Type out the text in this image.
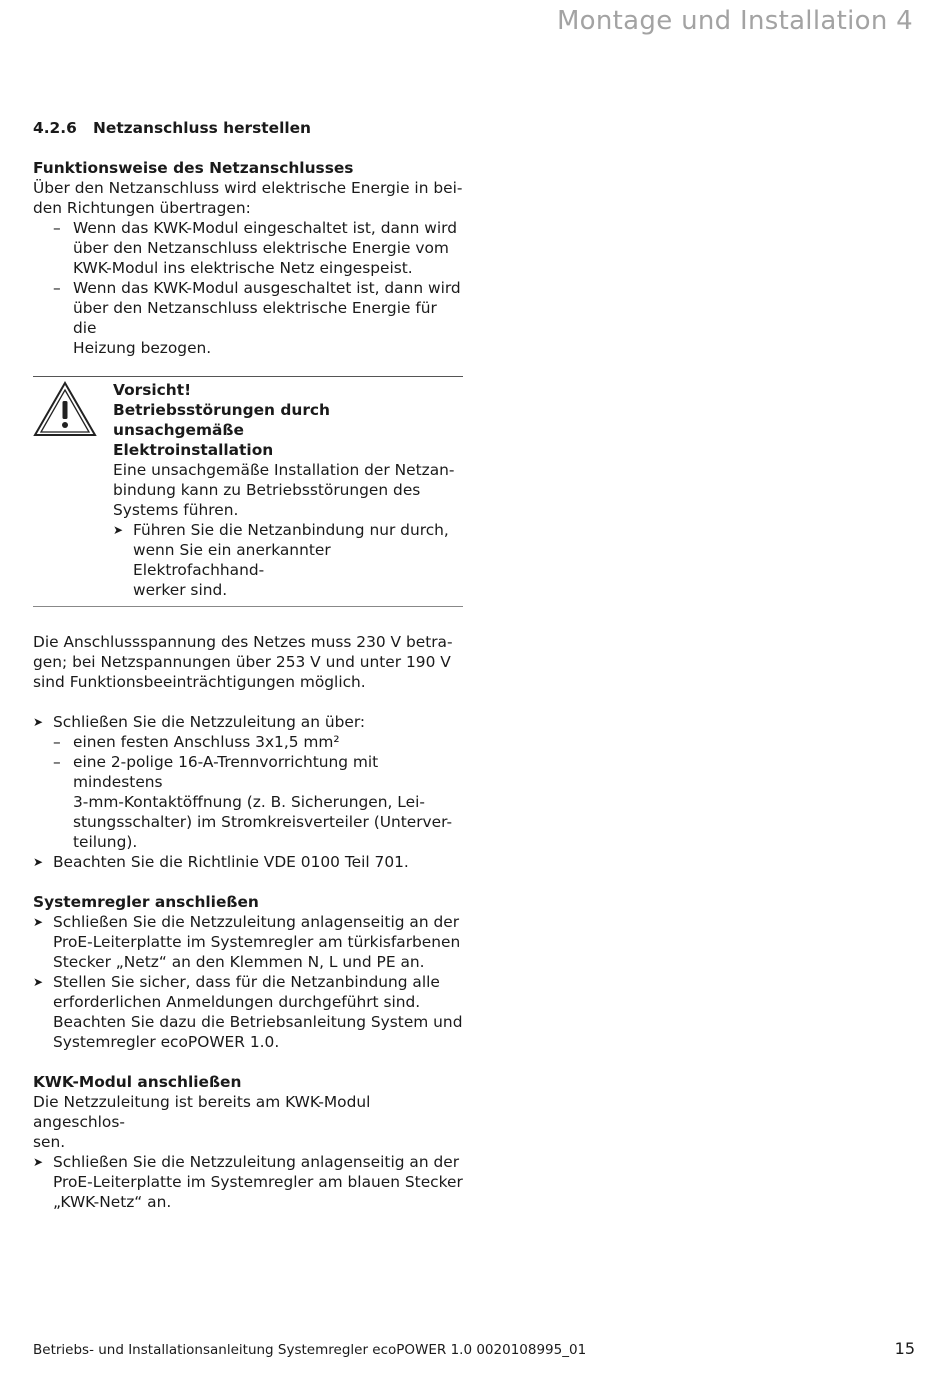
Montage und Installation 4
4.2.6 Netzanschluss herstellen
Funktionsweise des Netzanschlusses

Über den Netzanschluss wird elektrische Energie in bei-

den Richtungen übertragen:

– Wenn das KWK-Modul eingeschaltet ist, dann wird
über den Netzanschluss elektrische Energie vom
KWK-Modul ins elektrische Netz eingespeist.
– Wenn das KWK-Modul ausgeschaltet ist, dann wird
über den Netzanschluss elektrische Energie für die
Heizung bezogen.
Vorsicht!
Betriebsstörungen durch unsachgemäße
Elektroinstallation
Eine unsachgemäße Installation der Netzan-
bindung kann zu Betriebsstörungen des
Systems führen.
➤ Führen Sie die Netzanbindung nur durch,
wenn Sie ein anerkannter Elektrofachhand-
werker sind.

Die Anschlussspannung des Netzes muss 230 V betra-

gen; bei Netzspannungen über 253 V und unter 190 V

sind Funktionsbeeinträchtigungen möglich.

➤ Schließen Sie die Netzzuleitung an über:
– einen festen Anschluss 3x1,5 mm²
– eine 2-polige 16-A-Trennvorrichtung mit mindestens
3-mm-Kontaktöffnung (z. B. Sicherungen, Lei-
stungsschalter) im Stromkreisverteiler (Unterver-
teilung).
➤ Beachten Sie die Richtlinie VDE 0100 Teil 701.
Systemregler anschließen
➤ Schließen Sie die Netzzuleitung anlagenseitig an der
ProE-Leiterplatte im Systemregler am türkisfarbenen
Stecker „Netz“ an den Klemmen N, L und PE an.
➤ Stellen Sie sicher, dass für die Netzanbindung alle
erforderlichen Anmeldungen durchgeführt sind.
Beachten Sie dazu die Betriebsanleitung System und
Systemregler ecoPOWER 1.0.
KWK-Modul anschließen

Die Netzzuleitung ist bereits am KWK-Modul angeschlos-

sen.

➤ Schließen Sie die Netzzuleitung anlagenseitig an der
ProE-Leiterplatte im Systemregler am blauen Stecker
„KWK-Netz“ an.
Betriebs- und Installationsanleitung Systemregler ecoPOWER 1.0 0020108995_01	15
